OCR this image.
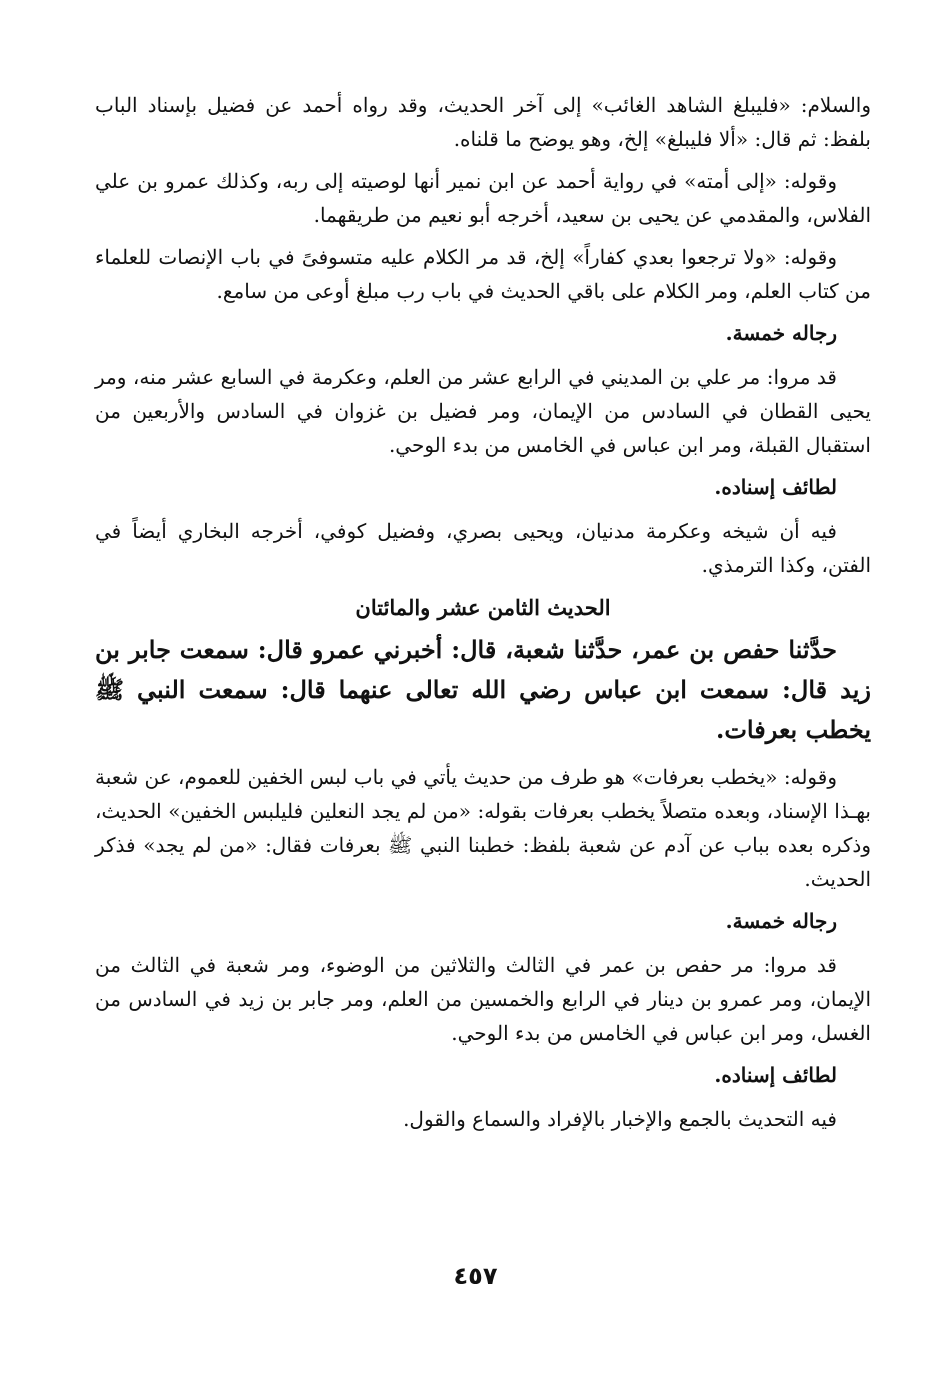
والسلام: «فليبلغ الشاهد الغائب» إلى آخر الحديث، وقد رواه أحمد عن فضيل بإسناد الباب بلفظ: ثم قال: «ألا فليبلغ» إلخ، وهو يوضح ما قلناه.

وقوله: «إلى أمته» في رواية أحمد عن ابن نمير أنها لوصيته إلى ربه، وكذلك عمرو بن علي الفلاس، والمقدمي عن يحيى بن سعيد، أخرجه أبو نعيم من طريقهما.

وقوله: «ولا ترجعوا بعدي كفاراً» إلخ، قد مر الكلام عليه متسوفىً في باب الإنصات للعلماء من كتاب العلم، ومر الكلام على باقي الحديث في باب رب مبلغ أوعى من سامع.

رجاله خمسة.

قد مروا: مر علي بن المديني في الرابع عشر من العلم، وعكرمة في السابع عشر منه، ومر يحيى القطان في السادس من الإيمان، ومر فضيل بن غزوان في السادس والأربعين من استقبال القبلة، ومر ابن عباس في الخامس من بدء الوحي.

لطائف إسناده.

فيه أن شيخه وعكرمة مدنيان، ويحيى بصري، وفضيل كوفي، أخرجه البخاري أيضاً في الفتن، وكذا الترمذي.

الحديث الثامن عشر والمائتان

حدَّثنا حفص بن عمر، حدَّثنا شعبة، قال: أخبرني عمرو قال: سمعت جابر بن زيد قال: سمعت ابن عباس رضي الله تعالى عنهما قال: سمعت النبي ﷺ يخطب بعرفات.

وقوله: «يخطب بعرفات» هو طرف من حديث يأتي في باب لبس الخفين للعموم، عن شعبة بهـذا الإسناد، وبعده متصلاً يخطب بعرفات بقوله: «من لم يجد النعلين فليلبس الخفين» الحديث، وذكره بعده بباب عن آدم عن شعبة بلفظ: خطبنا النبي ﷺ بعرفات فقال: «من لم يجد» فذكر الحديث.

رجاله خمسة.

قد مروا: مر حفص بن عمر في الثالث والثلاثين من الوضوء، ومر شعبة في الثالث من الإيمان، ومر عمرو بن دينار في الرابع والخمسين من العلم، ومر جابر بن زيد في السادس من الغسل، ومر ابن عباس في الخامس من بدء الوحي.

لطائف إسناده.

فيه التحديث بالجمع والإخبار بالإفراد والسماع والقول.

٤٥٧
